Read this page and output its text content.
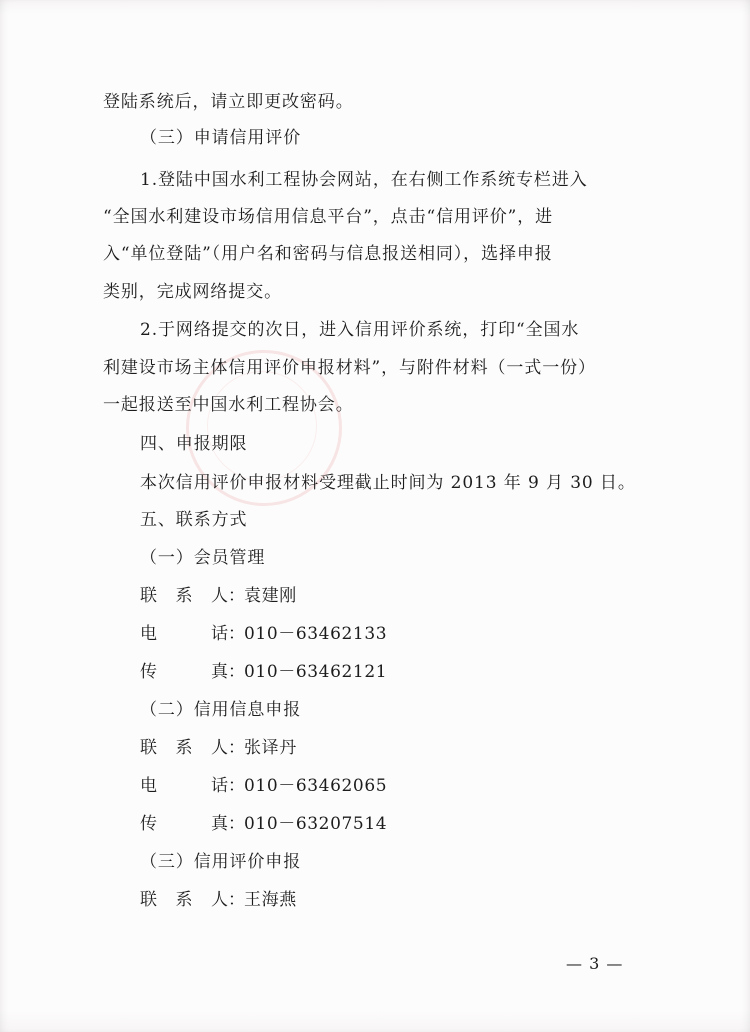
登陆系统后，请立即更改密码。
（三）申请信用评价
1.登陆中国水利工程协会网站，在右侧工作系统专栏进入
“全国水利建设市场信用信息平台”，点击“信用评价”，进
入“单位登陆”（用户名和密码与信息报送相同），选择申报
类别，完成网络提交。
2.于网络提交的次日，进入信用评价系统，打印“全国水
利建设市场主体信用评价申报材料”，与附件材料（一式一份）
一起报送至中国水利工程协会。
四、申报期限
本次信用评价申报材料受理截止时间为 2013 年 9 月 30 日。
五、联系方式
（一）会员管理
联 系 人 ： 袁建刚
电	话 ： 010－63462133
传	真 ： 010－63462121
（二）信用信息申报
联 系 人 ： 张译丹
电	话 ： 010－63462065
传	真 ： 010－63207514
（三）信用评价申报
联 系 人 ： 王海燕
— 3 —
